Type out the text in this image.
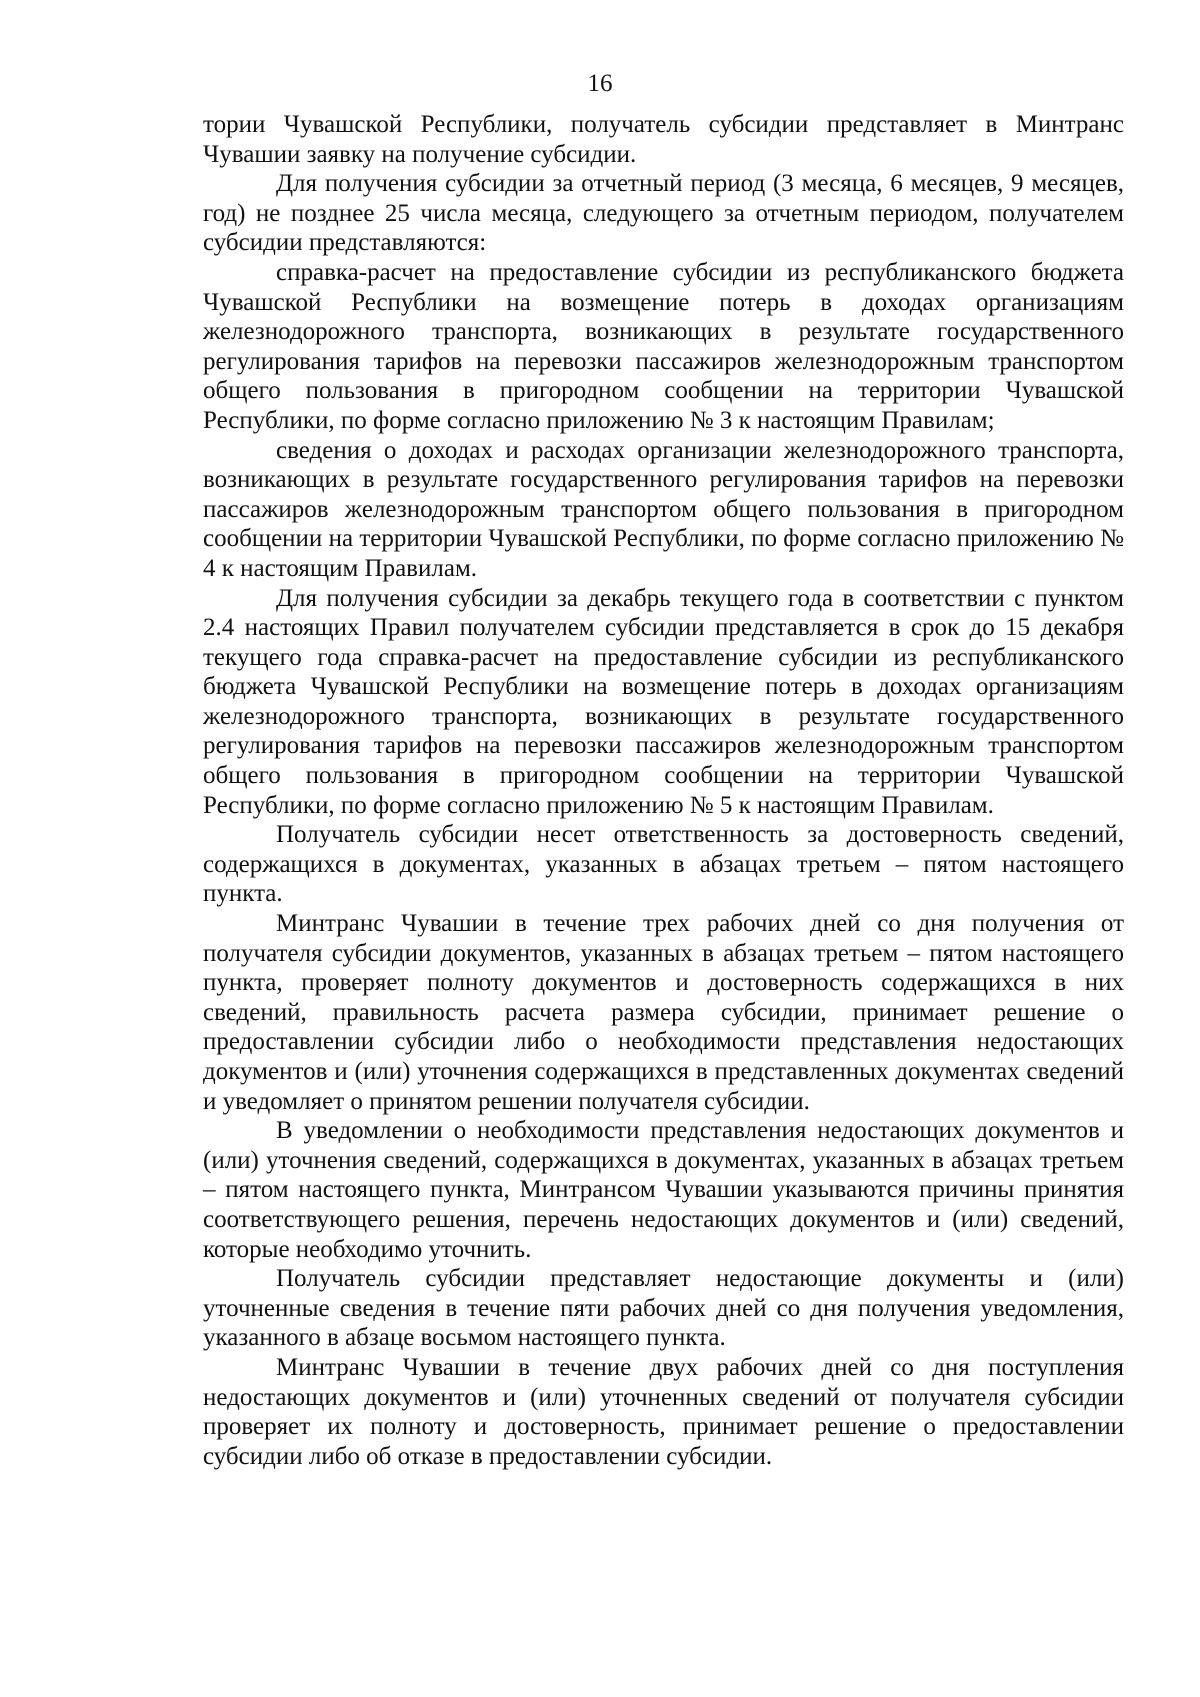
16

тории Чувашской Республики, получатель субсидии представляет в Минтранс Чувашии заявку на получение субсидии.

Для получения субсидии за отчетный период (3 месяца, 6 месяцев, 9 месяцев, год) не позднее 25 числа месяца, следующего за отчетным периодом, получателем субсидии представляются:

справка-расчет на предоставление субсидии из республиканского бюджета Чувашской Республики на возмещение потерь в доходах организациям железнодорожного транспорта, возникающих в результате государственного регулирования тарифов на перевозки пассажиров железнодорожным транспортом общего пользования в пригородном сообщении на территории Чувашской Республики, по форме согласно приложению № 3 к настоящим Правилам;

сведения о доходах и расходах организации железнодорожного транспорта, возникающих в результате государственного регулирования тарифов на перевозки пассажиров железнодорожным транспортом общего пользования в пригородном сообщении на территории Чувашской Республики, по форме согласно приложению № 4 к настоящим Правилам.

Для получения субсидии за декабрь текущего года в соответствии с пунктом 2.4 настоящих Правил получателем субсидии представляется в срок до 15 декабря текущего года справка-расчет на предоставление субсидии из республиканского бюджета Чувашской Республики на возмещение потерь в доходах организациям железнодорожного транспорта, возникающих в результате государственного регулирования тарифов на перевозки пассажиров железнодорожным транспортом общего пользования в пригородном сообщении на территории Чувашской Республики, по форме согласно приложению № 5 к настоящим Правилам.

Получатель субсидии несет ответственность за достоверность сведений, содержащихся в документах, указанных в абзацах третьем – пятом настоящего пункта.

Минтранс Чувашии в течение трех рабочих дней со дня получения от получателя субсидии документов, указанных в абзацах третьем – пятом настоящего пункта, проверяет полноту документов и достоверность содержащихся в них сведений, правильность расчета размера субсидии, принимает решение о предоставлении субсидии либо о необходимости представления недостающих документов и (или) уточнения содержащихся в представленных документах сведений и уведомляет о принятом решении получателя субсидии.

В уведомлении о необходимости представления недостающих документов и (или) уточнения сведений, содержащихся в документах, указанных в абзацах третьем – пятом настоящего пункта, Минтрансом Чувашии указываются причины принятия соответствующего решения, перечень недостающих документов и (или) сведений, которые необходимо уточнить.

Получатель субсидии представляет недостающие документы и (или) уточненные сведения в течение пяти рабочих дней со дня получения уведомления, указанного в абзаце восьмом настоящего пункта.

Минтранс Чувашии в течение двух рабочих дней со дня поступления недостающих документов и (или) уточненных сведений от получателя субсидии проверяет их полноту и достоверность, принимает решение о предоставлении субсидии либо об отказе в предоставлении субсидии.
